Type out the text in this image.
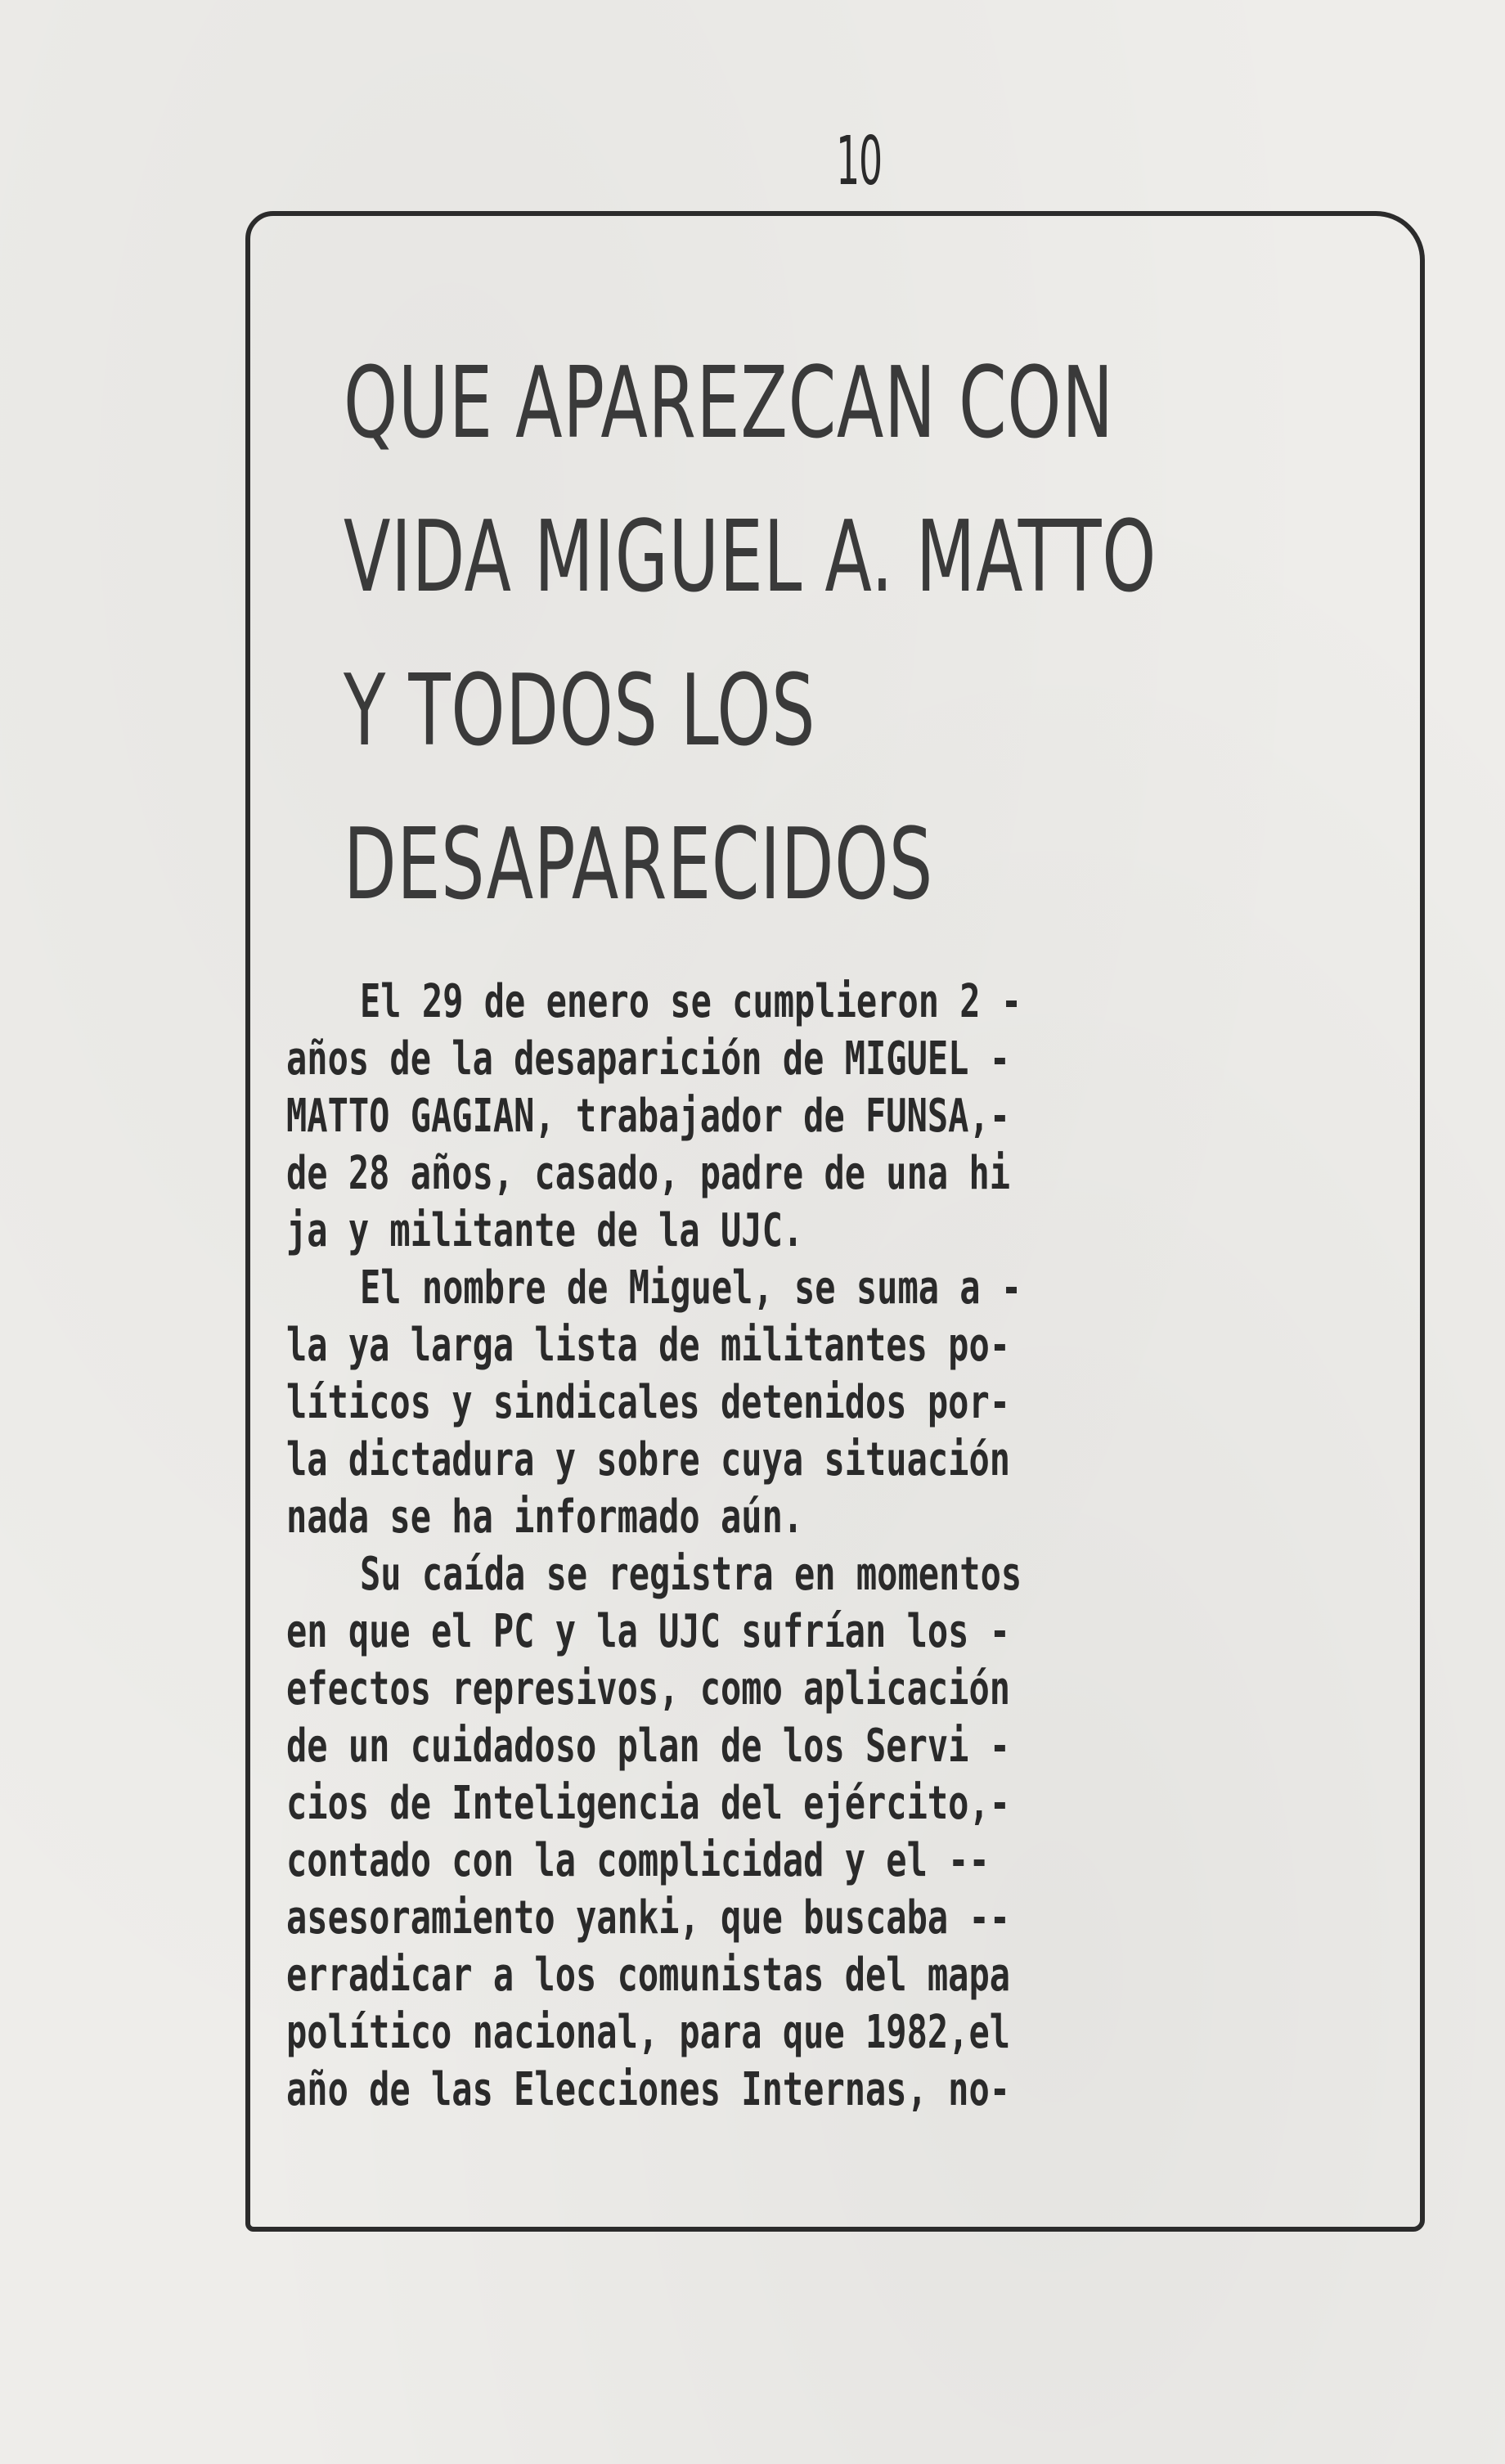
10
QUE APAREZCAN CON
VIDA MIGUEL A. MATTO
Y TODOS LOS
DESAPARECIDOS
El 29 de enero se cumplieron 2 -
años de la desaparición de MIGUEL -
MATTO GAGIAN, trabajador de FUNSA,-
de 28 años, casado, padre de una hi
ja y militante de la UJC.
El nombre de Miguel, se suma a -
la ya larga lista de militantes po-
líticos y sindicales detenidos por-
la dictadura y sobre cuya situación
nada se ha informado aún.
Su caída se registra en momentos
en que el PC y la UJC sufrían los -
efectos represivos, como aplicación
de un cuidadoso plan de los Servi -
cios de Inteligencia del ejército,-
contado con la complicidad y el --
asesoramiento yanki, que buscaba --
erradicar a los comunistas del mapa
político nacional, para que 1982,el
año de las Elecciones Internas, no-
